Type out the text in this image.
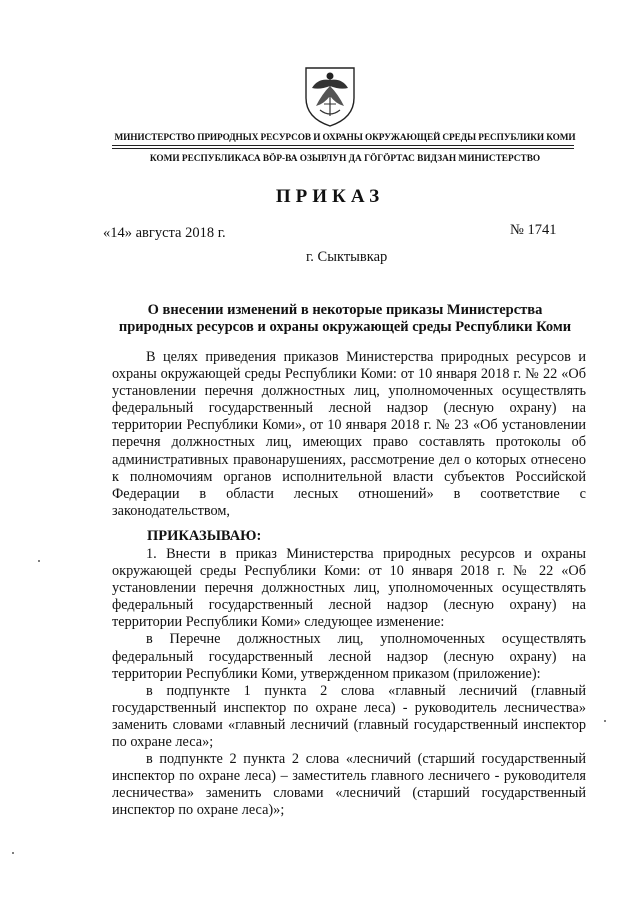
МИНИСТЕРСТВО ПРИРОДНЫХ РЕСУРСОВ И ОХРАНЫ ОКРУЖАЮЩЕЙ СРЕДЫ РЕСПУБЛИКИ КОМИ
КОМИ РЕСПУБЛИКАСА ВӦР-ВА ОЗЫРЛУН ДА ГӦГӦРТАС ВИДЗАН МИНИСТЕРСТВО
ПРИКАЗ
«14» августа 2018 г.	№ 1741
г. Сыктывкар
О внесении изменений в некоторые приказы Министерства природных ресурсов и охраны окружающей среды Республики Коми
В целях приведения приказов Министерства природных ресурсов и охраны окружающей среды Республики Коми: от 10 января 2018 г. № 22 «Об установлении перечня должностных лиц, уполномоченных осуществлять федеральный государственный лесной надзор (лесную охрану) на территории Республики Коми», от 10 января 2018 г. № 23 «Об установлении перечня должностных лиц, имеющих право составлять протоколы об административных правонарушениях, рассмотрение дел о которых отнесено к полномочиям органов исполнительной власти субъектов Российской Федерации в области лесных отношений» в соответствие с законодательством,
ПРИКАЗЫВАЮ:

1. Внести в приказ Министерства природных ресурсов и охраны окружающей среды Республики Коми: от 10 января 2018 г. № 22 «Об установлении перечня должностных лиц, уполномоченных осуществлять федеральный государственный лесной надзор (лесную охрану) на территории Республики Коми» следующее изменение:

в Перечне должностных лиц, уполномоченных осуществлять федеральный государственный лесной надзор (лесную охрану) на территории Республики Коми, утвержденном приказом (приложение):

в подпункте 1 пункта 2 слова «главный лесничий (главный государственный инспектор по охране леса) - руководитель лесничества» заменить словами «главный лесничий (главный государственный инспектор по охране леса»;

в подпункте 2 пункта 2 слова «лесничий (старший государственный инспектор по охране леса) – заместитель главного лесничего - руководителя лесничества» заменить словами «лесничий (старший государственный инспектор по охране леса)»;
